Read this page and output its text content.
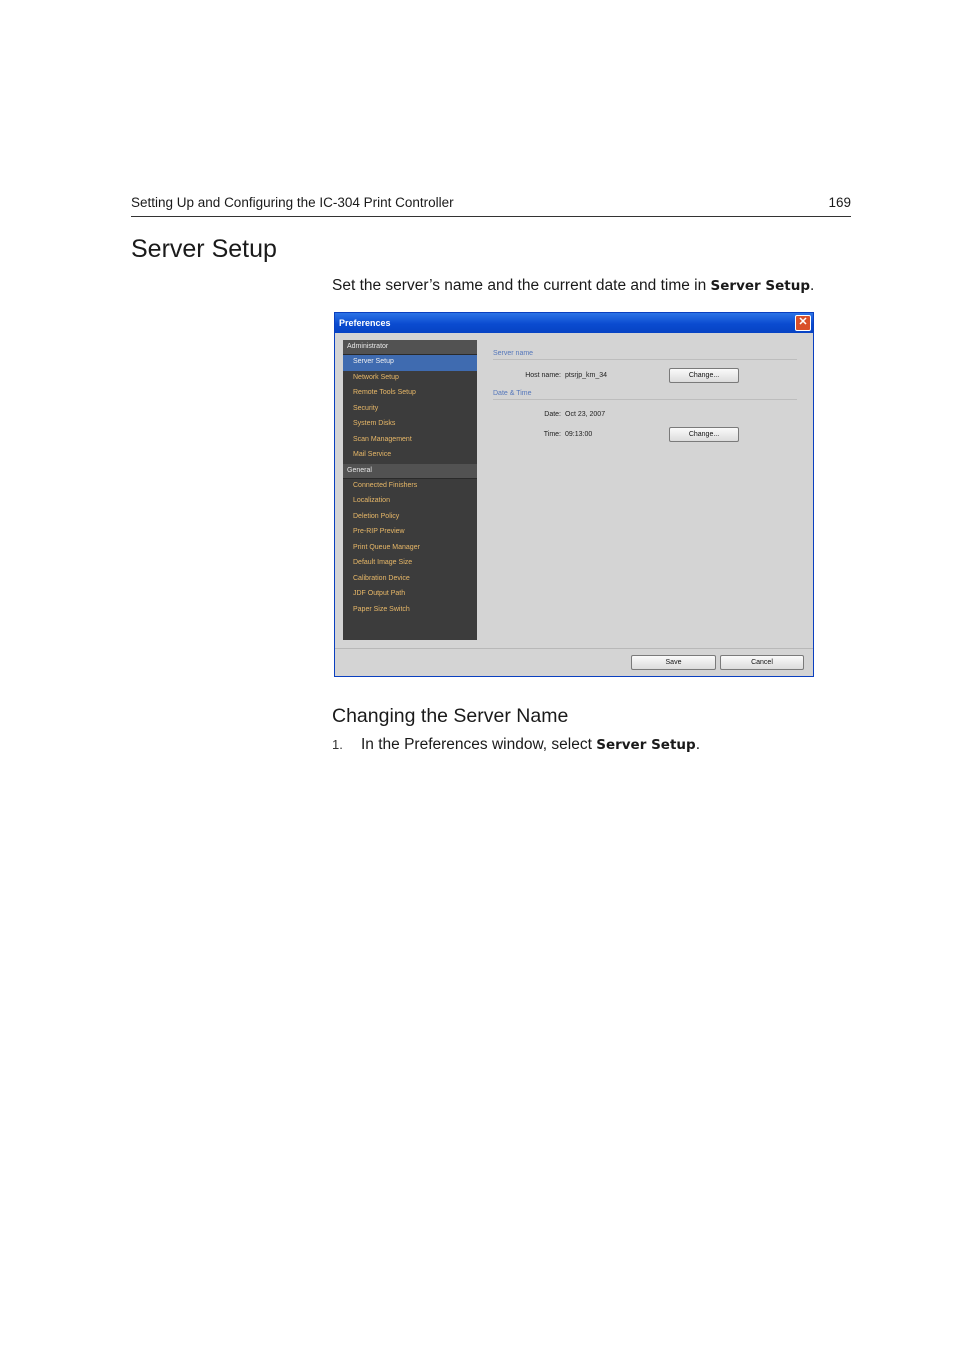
Setting Up and Configuring the IC-304 Print Controller	169
Server Setup

Set the server’s name and the current date and time in Server Setup.

Preferences	✕
Administrator
Server Setup
Network Setup
Remote Tools Setup
Security
System Disks
Scan Management
Mail Service
General
Connected Finishers
Localization
Deletion Policy
Pre-RIP Preview
Print Queue Manager
Default Image Size
Calibration Device
JDF Output Path
Paper Size Switch
Server name
Host name: ptsrjp_km_34	Change...
Date & Time
Date: Oct 23, 2007
Time: 09:13:00	Change...
Save	Cancel
Changing the Server Name

1. In the Preferences window, select Server Setup.
